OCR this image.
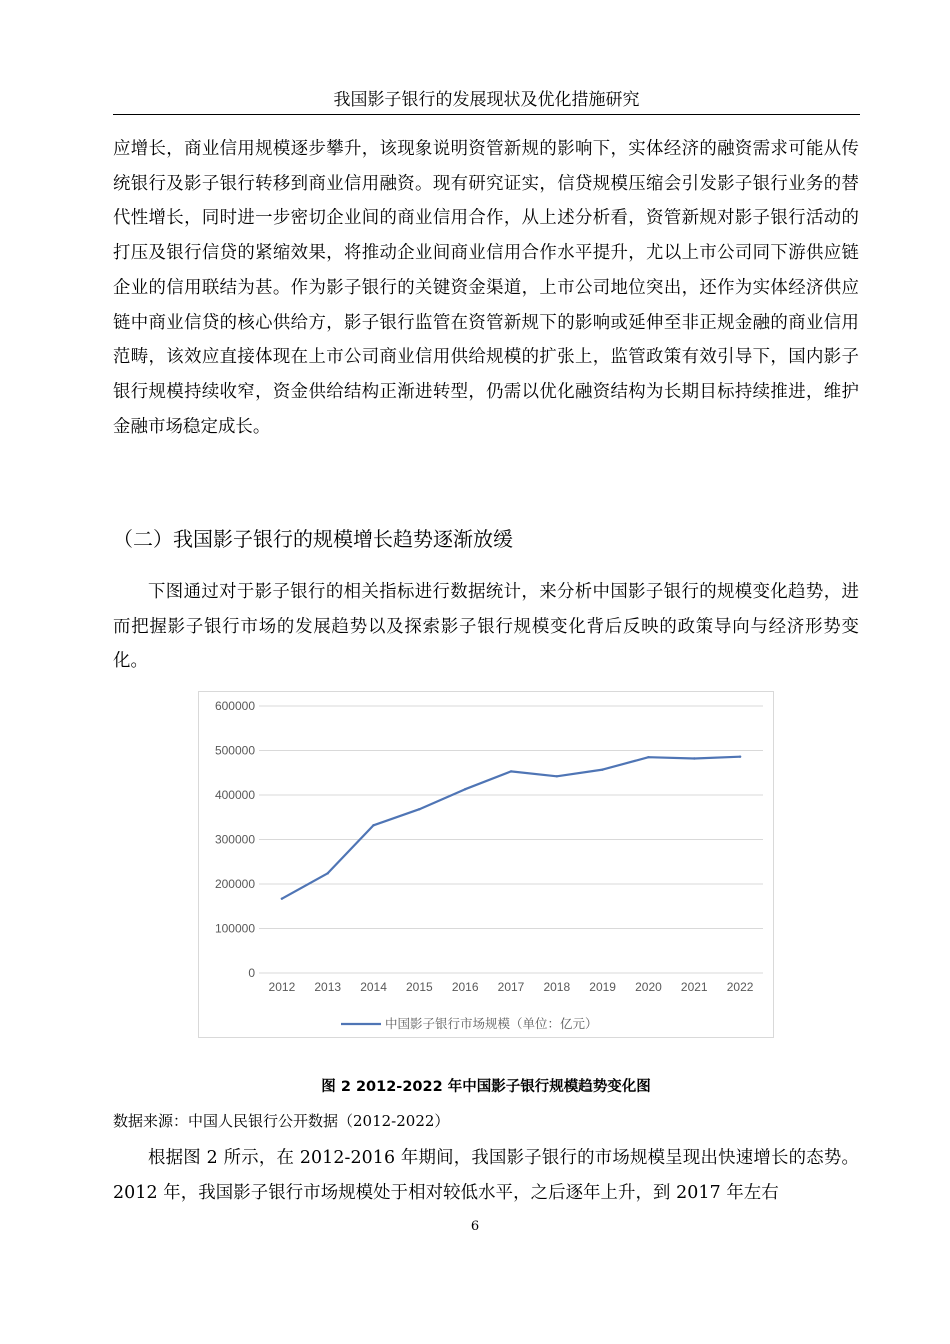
我国影子银行的发展现状及优化措施研究

应增长，商业信用规模逐步攀升，该现象说明资管新规的影响下，实体经济的融资需求可能从传统银行及影子银行转移到商业信用融资。现有研究证实，信贷规模压缩会引发影子银行业务的替代性增长，同时进一步密切企业间的商业信用合作，从上述分析看，资管新规对影子银行活动的打压及银行信贷的紧缩效果，将推动企业间商业信用合作水平提升，尤以上市公司同下游供应链企业的信用联结为甚。作为影子银行的关键资金渠道，上市公司地位突出，还作为实体经济供应链中商业信贷的核心供给方，影子银行监管在资管新规下的影响或延伸至非正规金融的商业信用范畴，该效应直接体现在上市公司商业信用供给规模的扩张上，监管政策有效引导下，国内影子银行规模持续收窄，资金供给结构正渐进转型，仍需以优化融资结构为长期目标持续推进，维护金融市场稳定成长。

（二）我国影子银行的规模增长趋势逐渐放缓

下图通过对于影子银行的相关指标进行数据统计，来分析中国影子银行的规模变化趋势，进而把握影子银行市场的发展趋势以及探索影子银行规模变化背后反映的政策导向与经济形势变化。

0
100000
200000
300000
400000
500000
600000
2012 2013 2014 2015 2016 2017 2018 2019 2020 2021 2022
中国影子银行市场规模（单位：亿元）
图 2 2012-2022 年中国影子银行规模趋势变化图
数据来源：中国人民银行公开数据（2012-2022）

根据图 2 所示，在 2012-2016 年期间，我国影子银行的市场规模呈现出快速增长的态势。2012 年，我国影子银行市场规模处于相对较低水平，之后逐年上升，到 2017 年左右

6
